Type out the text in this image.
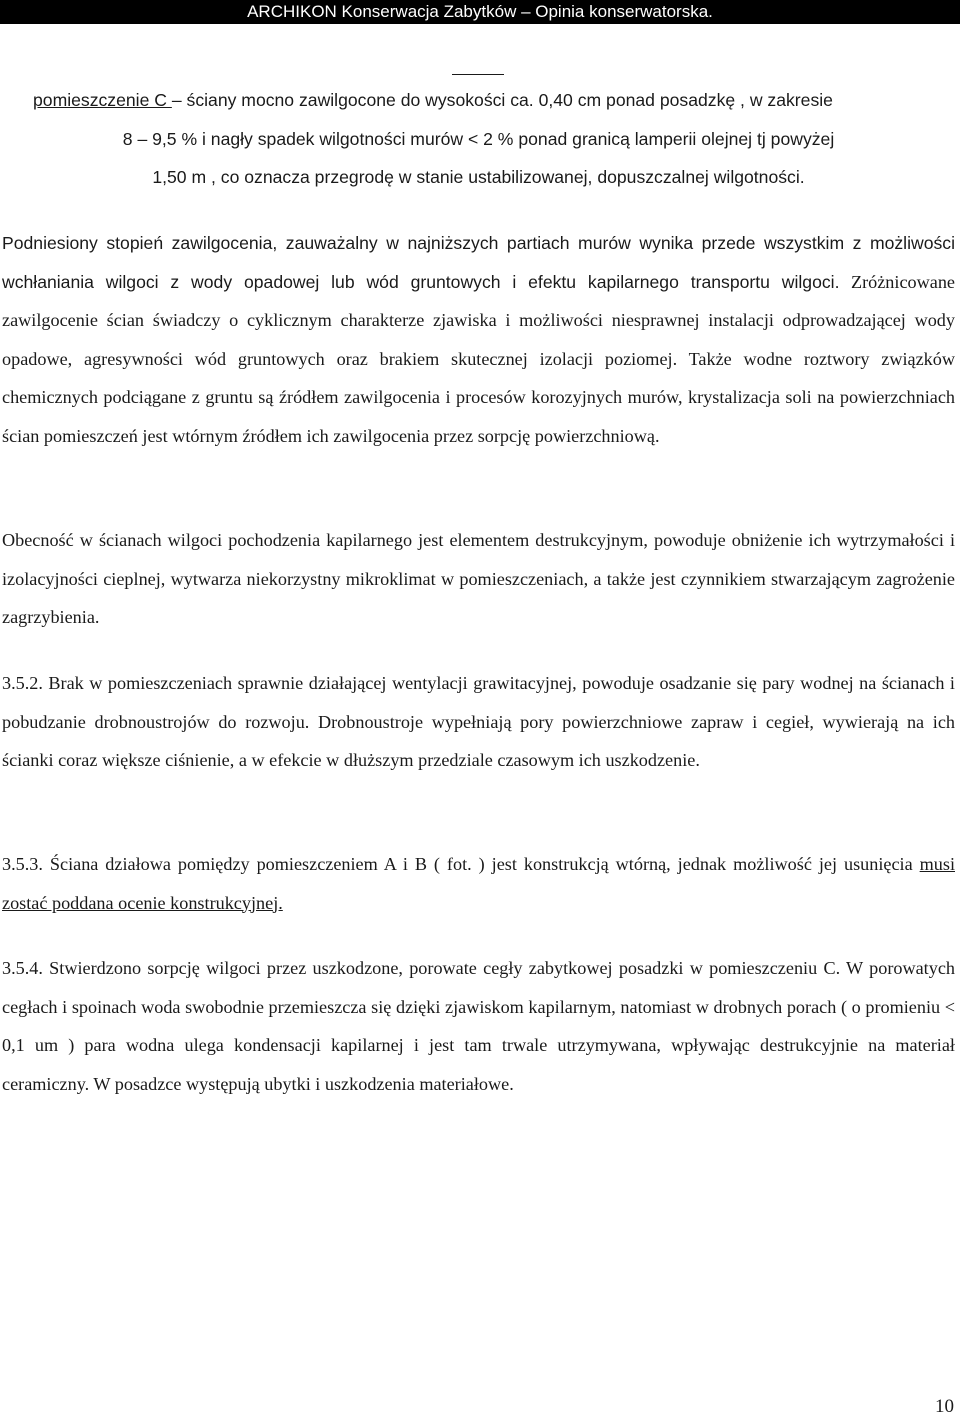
ARCHIKON Konserwacja Zabytków – Opinia konserwatorska.
pomieszczenie C – ściany mocno zawilgocone do wysokości ca. 0,40 cm ponad posadzkę , w zakresie
8 – 9,5 % i nagły spadek wilgotności murów < 2 % ponad granicą lamperii olejnej tj powyżej
1,50 m , co oznacza przegrodę w stanie ustabilizowanej, dopuszczalnej wilgotności.

Podniesiony stopień zawilgocenia, zauważalny w najniższych partiach murów wynika przede wszystkim z możliwości wchłaniania wilgoci z wody opadowej lub wód gruntowych i efektu kapilarnego transportu wilgoci. Zróżnicowane zawilgocenie ścian świadczy o cyklicznym charakterze zjawiska i możliwości niesprawnej instalacji odprowadzającej wody opadowe, agresywności wód gruntowych oraz brakiem skutecznej izolacji poziomej. Także wodne roztwory związków chemicznych podciągane z gruntu są źródłem zawilgocenia i procesów korozyjnych murów, krystalizacja soli na powierzchniach ścian pomieszczeń jest wtórnym źródłem ich zawilgocenia przez sorpcję powierzchniową.

Obecność w ścianach wilgoci pochodzenia kapilarnego jest elementem destrukcyjnym, powoduje obniżenie ich wytrzymałości i izolacyjności cieplnej, wytwarza niekorzystny mikroklimat w pomieszczeniach, a także jest czynnikiem stwarzającym zagrożenie zagrzybienia.

3.5.2. Brak w pomieszczeniach sprawnie działającej wentylacji grawitacyjnej, powoduje osadzanie się pary wodnej na ścianach i pobudzanie drobnoustrojów do rozwoju. Drobnoustroje wypełniają pory powierzchniowe zapraw i cegieł, wywierają na ich ścianki coraz większe ciśnienie, a w efekcie w dłuższym przedziale czasowym ich uszkodzenie.

3.5.3. Ściana działowa pomiędzy pomieszczeniem A i B ( fot. ) jest konstrukcją wtórną, jednak możliwość jej usunięcia musi zostać poddana ocenie konstrukcyjnej.

3.5.4. Stwierdzono sorpcję wilgoci przez uszkodzone, porowate cegły zabytkowej posadzki w pomieszczeniu C. W porowatych cegłach i spoinach woda swobodnie przemieszcza się dzięki zjawiskom kapilarnym, natomiast w drobnych porach ( o promieniu < 0,1 um ) para wodna ulega kondensacji kapilarnej i jest tam trwale utrzymywana, wpływając destrukcyjnie na materiał ceramiczny. W posadzce występują ubytki i uszkodzenia materiałowe.

10
